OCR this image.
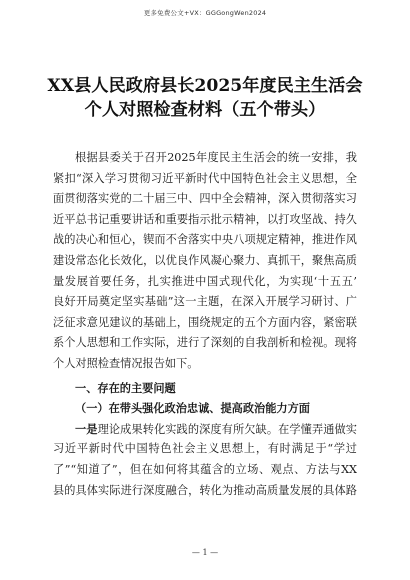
更多免费公文+VX：GGGongWen2024
XX县人民政府县长2025年度民主生活会
个人对照检查材料（五个带头）
根据县委关于召开2025年度民主生活会的统一安排，我
紧扣“深入学习贯彻习近平新时代中国特色社会主义思想，全
面贯彻落实党的二十届三中、四中全会精神，深入贯彻落实习
近平总书记重要讲话和重要指示批示精神，以打攻坚战、持久
战的决心和恒心，锲而不舍落实中央八项规定精神，推进作风
建设常态化长效化，以优良作风凝心聚力、真抓干，聚焦高质
量发展首要任务，扎实推进中国式现代化，为实现‘十五五’
良好开局奠定坚实基础”这一主题，在深入开展学习研讨、广
泛征求意见建议的基础上，围绕规定的五个方面内容，紧密联
系个人思想和工作实际，进行了深刻的自我剖析和检视。现将
个人对照检查情况报告如下。
一、存在的主要问题
（一）在带头强化政治忠诚、提高政治能力方面
一是理论成果转化实践的深度有所欠缺。在学懂弄通做实
习近平新时代中国特色社会主义思想上，有时满足于“学过
了”“知道了”，但在如何将其蕴含的立场、观点、方法与XX
县的具体实际进行深度融合，转化为推动高质量发展的具体路
— 1 —
